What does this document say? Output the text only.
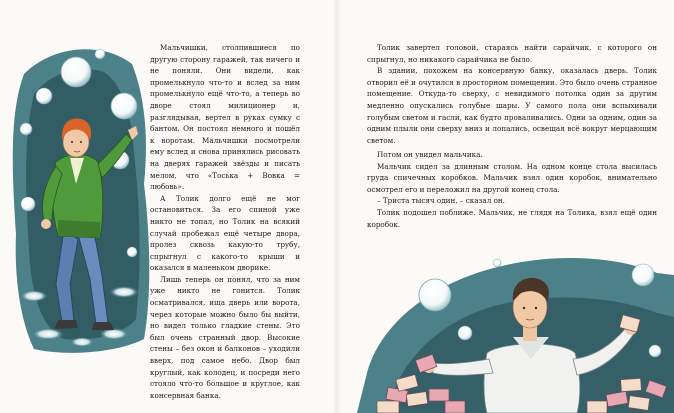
Мальчишки, столпившиеся по другую сторону гаражей, так ничего и не поняли. Они видели, как промелькнуло что-то и вслед за ним промелькнуло ещё что-то, а теперь во дворе стоял милиционер и, разглядывая, вертел в руках сумку с бантом. Он постоял немного и пошёл к воротам. Мальчишки посмотрели ему вслед и снова принялись рисовать на дверях гаражей звёзды и писать мелом, что «Тоська + Вовка = любовь».

А Толик долго ещё не мог остановиться. За его спиной уже никто не топал, но Толик на всякий случай пробежал ещё четыре двора, пролез сквозь какую-то трубу, спрыгнул с какого-то крыши и оказался в маленьком дворике.

Лишь теперь он понял, что за ним уже никто не гонится. Толик осматривался, ища дверь или ворота, через которые можно было бы выйти, но видел только гладкие стены. Это был очень странный двор. Высокие стены – без окон и балконов – уходили вверх, под самое небо. Двор был круглый, как колодец, и посреди него стояло что-то большое и круглое, как консервная банка.

Толик завертел головой, стараясь найти сарайчик, с которого он спрыгнул, но никакого сарайчика не было.

В здании, похожем на консервную банку, оказалась дверь. Толик отворил её и очутился в просторном помещении. Это было очень странное помещение. Откуда-то сверху, с невидимого потолка один за другим медленно опускались голубые шары. У самого пола они вспыхивали голубым светом и гасли, как будто проваливались. Одни за одним, один за одним плыли они сверху вниз и лопались, освещая всё вокруг мерцающим светом.

Потом он увидел мальчика.

Мальчик сидел за длинным столом. На одном конце стола высилась груда спичечных коробков. Мальчик взял один коробок, внимательно осмотрел его и переложил на другой конец стола.

– Триста тысяч один, – сказал он.

Толик подошел поближе. Мальчик, не глядя на Толика, взял ещё один коробок.
